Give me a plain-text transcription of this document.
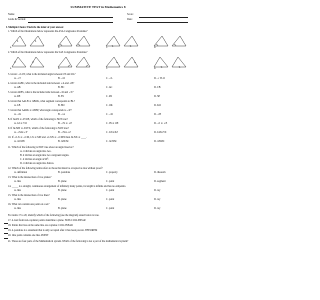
SUMMATIVE TEST in Mathematics 8
Name:	Score:
Grade & Section:	Date:
I. Multiple Choice: Encircle the letter of your answer.
1. Which of the illustrations below represents the ASA Congruence Postulate?
a.	b.	c.	d.
2. Which of the illustrations below represents the SAS Congruence Postulate?
a.	b.	c.	d.
3. Given: ∠LOT, what is the included angle between OT and OL?
A. ∠T	B. ∠O	C. ∠L	D. ∠ TLO
4. Given ΔABC, what is the included side between ∠A and ∠B?
A. AB	B. BC	C. AC	D. CB
5. Given ΔRES, what is the included side between ∠R and ∠T?
A. RE	B. ES	C. RS	D. SE
6. Given that ΔALB ≅ ΔBOK, what segment corresponds to BL?
A. LB	B. BO	C. OK	D. KO
7. Given that ΔARK ≅ ΔSHP, what angle corresponds to ∠P?
A. ∠K	B. ∠A	C. ∠R	D. ∠H
8. If ΔGIN ≅ ΔVOE, which of the following is NOT true?
A. GI ≅ VO	B. ∠N ≅ ∠E	C. IN ≅ OE	D. ∠I ≅ ∠E
9. If ΔLMN ≅ ΔXYZ, which of the following is NOT true?
A. ∠M≅∠Y	B. ∠N≅∠Z	C. LN≅XZ	D. LM≅YZ
10. If ∠LX ≅ ∠CM, LX ≅ MN and ∠LXN ≅ ∠CMN then ΔLNX ≅ ____.
A. ΔCMN	B. ΔNCM	C. ΔCNM	D. ΔNMC
11. Which of the following is NOT true about an angle bisector?
A. it divides an angle into two.
B. it divides an angle into two congruent angles.
C. it divides an angle at 90°.
D. it divides an angle into halves.
12. Which of the following terms refers to those that must be accepted as true without proof?
A. definition	B. postulate	C. property	D. theorem
13. What is the intersection of two planes?
A. line	B. plane	C. point	D. segment
14. _____ is a straight, continuous arrangement of infinitely many points, its length is infinite and has no endpoints.
A. line	B. plane	C. point	D. ray
15. What is the intersection of two lines?
A. line	B. plane	C. point	D. ray
16. What can contain one point on a set?
A. line	B. plane	C. point	D. ray
For items 17 to 20, identify which of the following (use the diagram) stated below is true.
17. A lead from non-coplanar points determine a plane. NON-COLLINEAR
18. Points that lies on the same line are coplanar. COLLINEAR
19. A postulate is a statement that is only accepted after it has been proven. THEOREM
20. One point contains one line. POINT
21. These are four parts of the Mathematical system. Which of the following is not a part of the mathematical system?
